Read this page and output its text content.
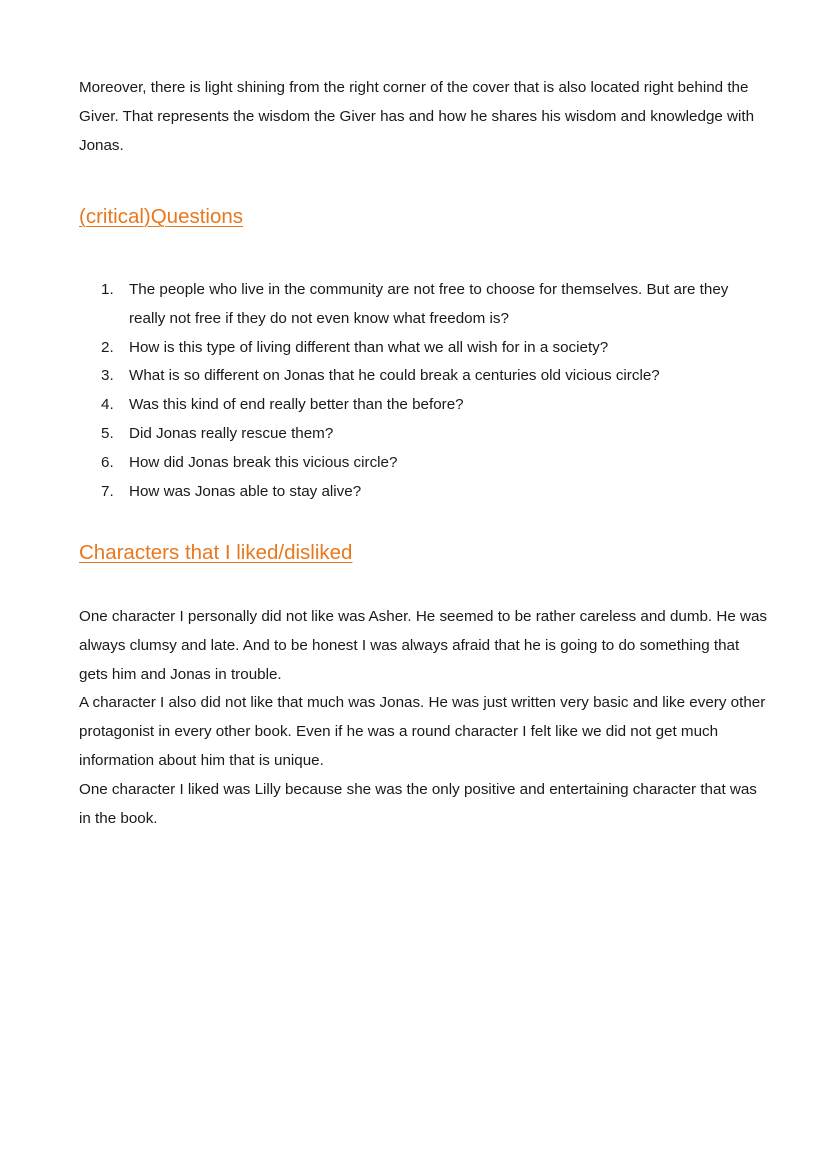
Moreover, there is light shining from the right corner of the cover that is also located right behind the Giver. That represents the wisdom the Giver has and how he shares his wisdom and knowledge with Jonas.

(critical)Questions
1.	The people who live in the community are not free to choose for themselves. But are they really not free if they do not even know what freedom is?
2.	How is this type of living different than what we all wish for in a society?
3.	What is so different on Jonas that he could break a centuries old vicious circle?
4.	Was this kind of end really better than the before?
5.	Did Jonas really rescue them?
6.	How did Jonas break this vicious circle?
7.	How was Jonas able to stay alive?
Characters that I liked/disliked

One character I personally did not like was Asher. He seemed to be rather careless and dumb. He was always clumsy and late. And to be honest I was always afraid that he is going to do something that gets him and Jonas in trouble.

A character I also did not like that much was Jonas. He was just written very basic and like every other protagonist in every other book. Even if he was a round character I felt like we did not get much information about him that is unique.

One character I liked was Lilly because she was the only positive and entertaining character that was in the book.
